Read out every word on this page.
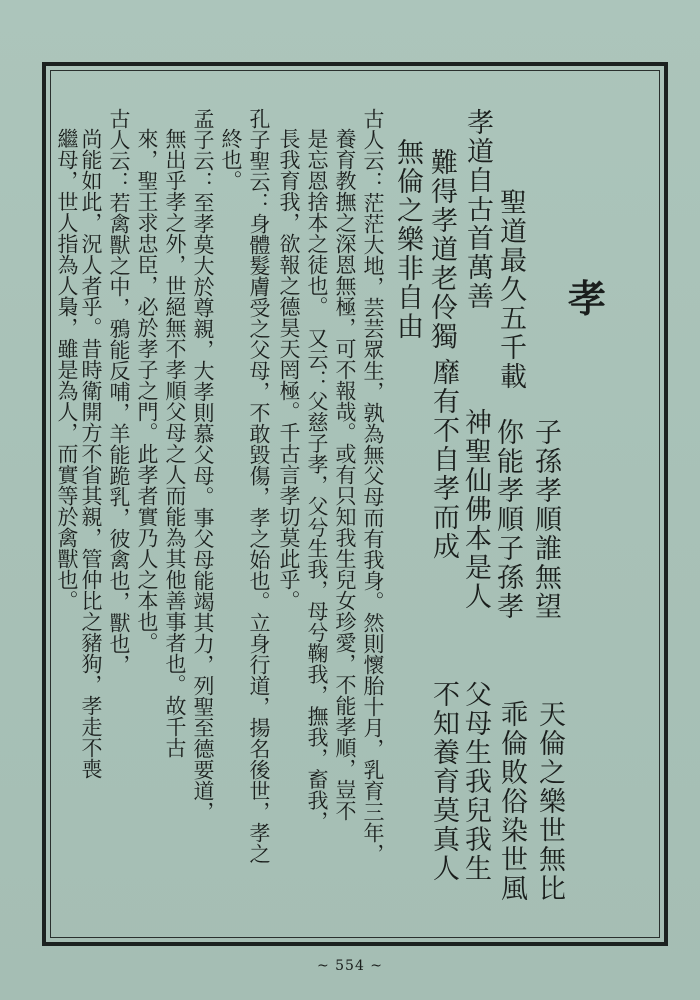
孝
子孫孝順誰無望
天倫之樂世無比
聖道最久五千載
孝道自古首萬善
你能孝順子孫孝
乖倫敗俗染世風
難得孝道老伶獨
神聖仙佛本是人
父母生我兒我生
無倫之樂非自由
靡有不自孝而成
不知養育莫真人
古人云：茫茫大地，芸芸眾生，孰為無父母而有我身。然則懷胎十月，乳育三年，
養育教撫之深恩無極，可不報哉。或有只知我生兒女珍愛，不能孝順，豈不
是忘恩捨本之徒也。　又云：父慈子孝，父兮生我，母兮鞠我，撫我，畜我，
長我育我，欲報之德昊天罔極。千古言孝切莫此乎。
孔子聖云：身體髮膚受之父母，不敢毀傷，孝之始也。立身行道，揚名後世，孝之
終也。
孟子云：至孝莫大於尊親，大孝則慕父母。事父母能竭其力，列聖至德要道，
無出乎孝之外，世絕無不孝順父母之人而能為其他善事者也。故千古
來，聖王求忠臣，必於孝子之門。此孝者實乃人之本也。
古人云：若禽獸之中，鴉能反哺，羊能跪乳，彼禽也，獸也，
尚能如此，況人者乎。昔時衛開方不省其親，管仲比之豬狗，孝走不喪
繼母，世人指為人梟，雖是為人，而實等於禽獸也。
~ 554 ~
